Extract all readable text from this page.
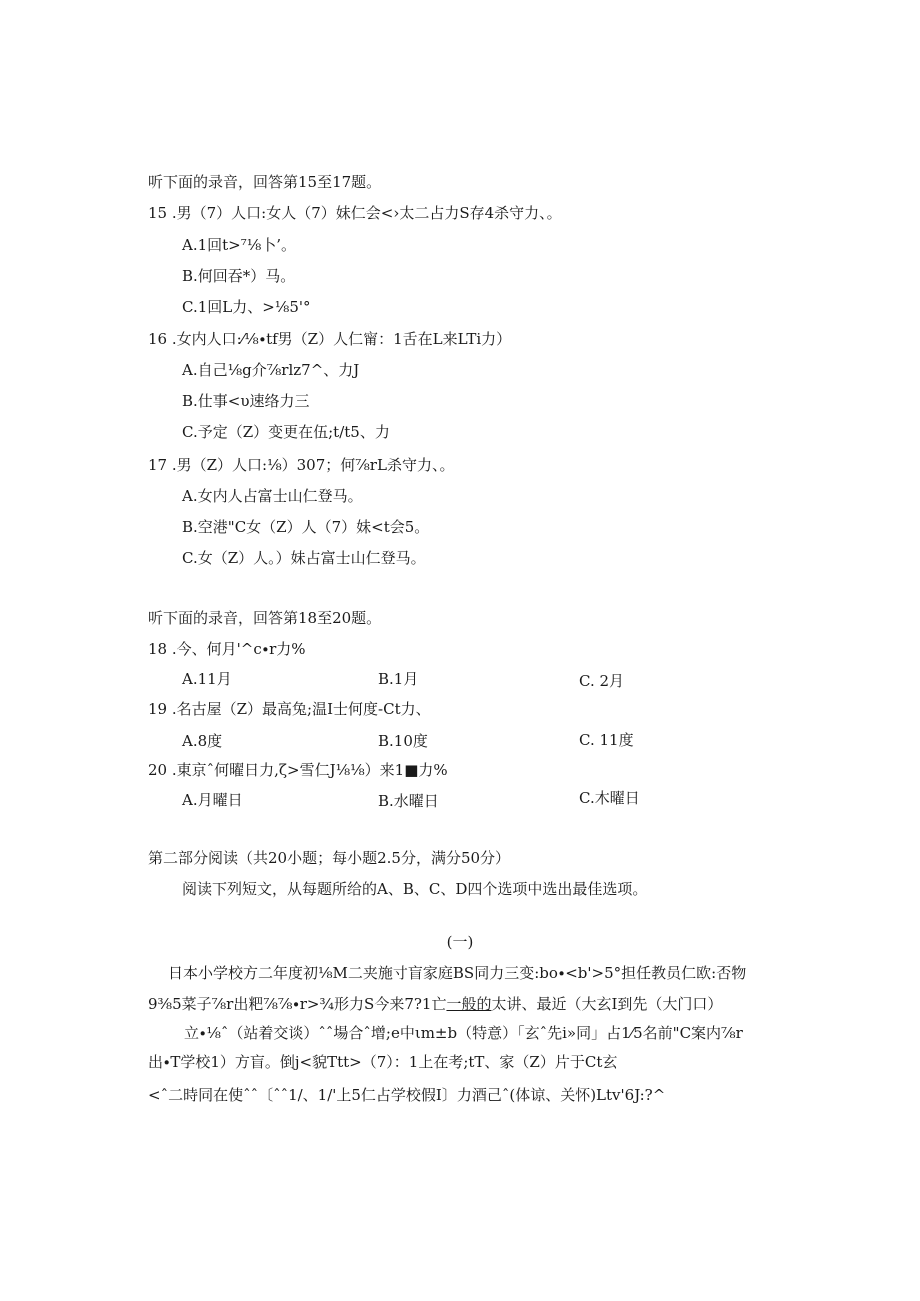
听下面的录音，回答第15至17题。
15 .男（7）人口:女人（7）妹仁会<›太二占力S存4杀守力、。
A.1回t>⁷⅛卜’。
B.何回吞*）马。
C.1回L力、>⅛5'°
16 .女内人口:⁄⅛∙tf男（Z）人仁甯：1舌在L来LTi力）
A.自己⅛g介⅞rlz7^、力J
B.仕事<υ速络力三
C.予定（Z）变更在伍;t/t5、力
17 .男（Z）人口:⅛）307；何⅞rL杀守力、。
A.女内人占富士山仁登马。
B.空港"C女（Z）人（7）妹<t会5。
C.女（Z）人。）妹占富士山仁登马。
听下面的录音，回答第18至20题。
18 .今、何月'^c∙r力%
A.11月	B.1月	C. 2月
19 .名古屋（Z）最高兔;温I士何度-Ct力、
A.8度	B.10度	C. 11度
20 .東京ˆ何曜日力,ζ>雪仁J⅛⅛）来1■力%
A.月曜日	B.水曜日	C.木曜日
第二部分阅读（共20小题；每小题2.5分，满分50分）
阅读下列短文，从每题所给的A、B、C、D四个选项中选出最佳选项。
(一)
日本小学校方二年度初⅛M二夹施寸盲家庭BS同力三变:bo∙<b'>5°担任教员仁欧:否物
9⅜5菜子⅞r出粑⅞⅞∙r>¾形力S今来7?1亡一般的太讲、最近（大玄I到先（大门口）
立∙⅛ˆ（站着交谈）ˆˆ場合ˆ增;e中ιm±b（特意）「玄ˆ先i»同」占1⁄5名前"C案内⅞r
出∙T学校1）方盲。倒j<貌Ttt>（7）：1上在考;tT、家（Z）片于Ct玄
<ˆ二時同在使ˆˆ〔ˆˆ1/、1/'上5仁占学校假I〕力酒己ˆ(体谅、关怀)Ltv'6J:?^
